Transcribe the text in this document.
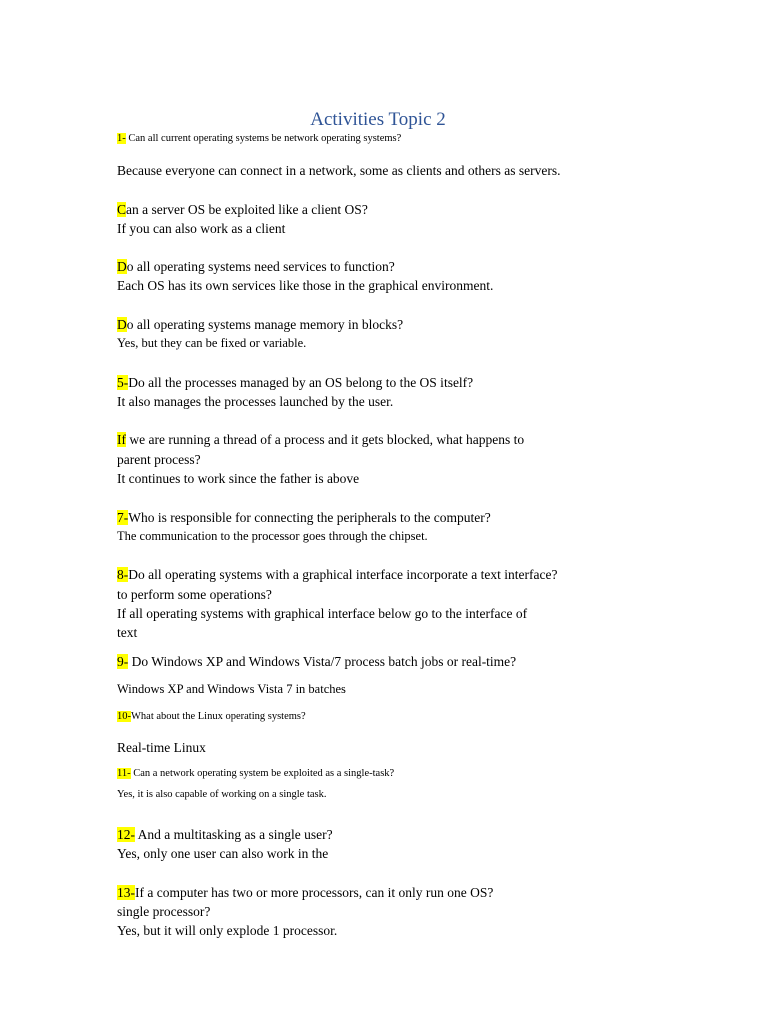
Activities Topic 2
1- Can all current operating systems be network operating systems?
Because everyone can connect in a network, some as clients and others as servers.
Can a server OS be exploited like a client OS?
If you can also work as a client
Do all operating systems need services to function?
Each OS has its own services like those in the graphical environment.
Do all operating systems manage memory in blocks?
Yes, but they can be fixed or variable.
5-Do all the processes managed by an OS belong to the OS itself?
It also manages the processes launched by the user.
If we are running a thread of a process and it gets blocked, what happens to
parent process?
It continues to work since the father is above
7-Who is responsible for connecting the peripherals to the computer?
The communication to the processor goes through the chipset.
8-Do all operating systems with a graphical interface incorporate a text interface?
to perform some operations?
If all operating systems with graphical interface below go to the interface of
text
9- Do Windows XP and Windows Vista/7 process batch jobs or real-time?
Windows XP and Windows Vista 7 in batches
10-What about the Linux operating systems?
Real-time Linux
11- Can a network operating system be exploited as a single-task?
Yes, it is also capable of working on a single task.
12- And a multitasking as a single user?
Yes, only one user can also work in the
13-If a computer has two or more processors, can it only run one OS?
single processor?
Yes, but it will only explode 1 processor.
